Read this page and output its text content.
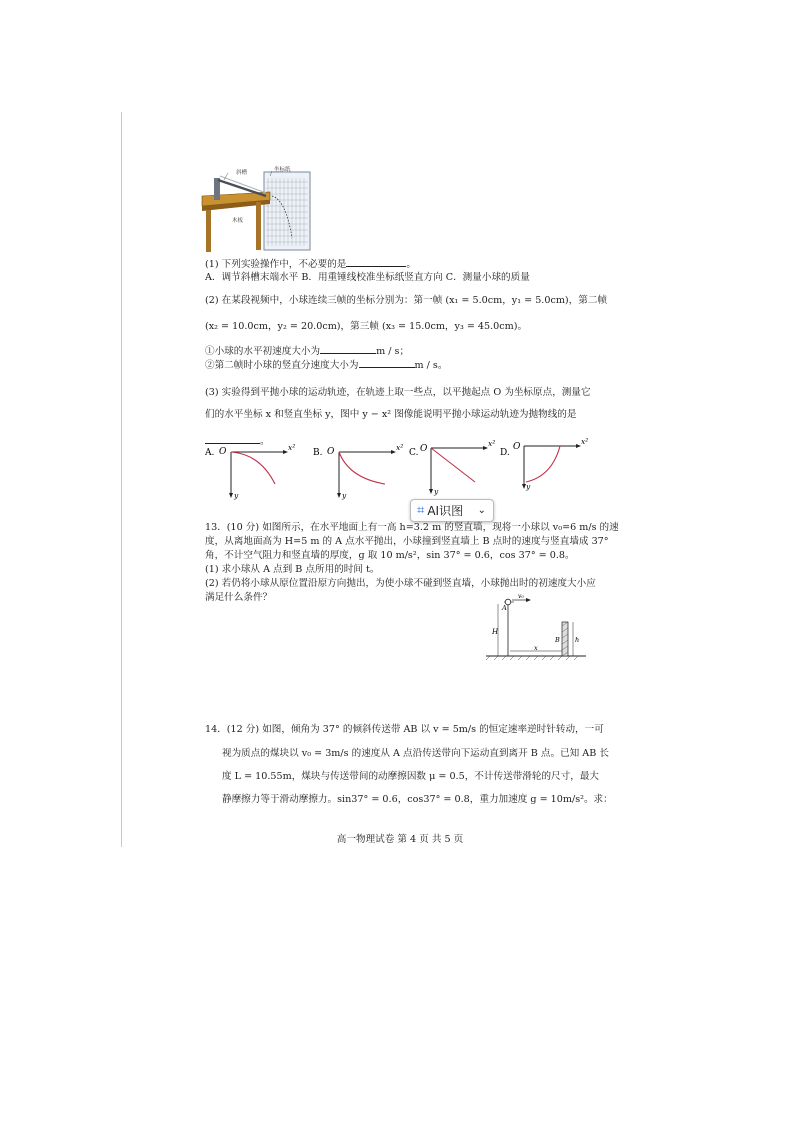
斜槽	坐标纸
木板
(1) 下列实验操作中，不必要的是	。
A．调节斜槽末端水平 B．用重锤线校准坐标纸竖直方向 C．测量小球的质量
(2) 在某段视频中，小球连续三帧的坐标分别为：第一帧 (x₁ = 5.0cm，y₁ = 5.0cm)，第二帧
(x₂ = 10.0cm，y₂ = 20.0cm)，第三帧 (x₃ = 15.0cm，y₃ = 45.0cm)。
①小球的水平初速度大小为	m / s；
②第二帧时小球的竖直分速度大小为	m / s。
(3) 实验得到平抛小球的运动轨迹，在轨迹上取一些点，以平抛起点 O 为坐标原点，测量它
们的水平坐标 x 和竖直坐标 y，图中 y − x² 图像能说明平抛小球运动轨迹为抛物线的是
。
A. O	x²
y
B. O	x²
y
C. O
x²
y
D.
O
x²
y
⌗ AI识图 ⌄
13．(10 分) 如图所示，在水平地面上有一高 h=3.2 m 的竖直墙，现将一小球以 v₀=6 m/s 的速
度，从离地面高为 H=5 m 的 A 点水平抛出，小球撞到竖直墙上 B 点时的速度与竖直墙成 37°
角，不计空气阻力和竖直墙的厚度，g 取 10 m/s²，sin 37° = 0.6，cos 37° = 0.8。
(1) 求小球从 A 点到 B 点所用的时间 t。
(2) 若仍将小球从原位置沿原方向抛出，为使小球不碰到竖直墙，小球抛出时的初速度大小应
满足什么条件？	v₀
A
H
B h
x
14．(12 分) 如图，倾角为 37° 的倾斜传送带 AB 以 v = 5m/s 的恒定速率逆时针转动，一可
视为质点的煤块以 v₀ = 3m/s 的速度从 A 点沿传送带向下运动直到离开 B 点。已知 AB 长
度 L = 10.55m，煤块与传送带间的动摩擦因数 μ = 0.5，不计传送带滑轮的尺寸，最大
静摩擦力等于滑动摩擦力。sin37° = 0.6，cos37° = 0.8，重力加速度 g = 10m/s²。求：
高一物理试卷 第 4 页 共 5 页
